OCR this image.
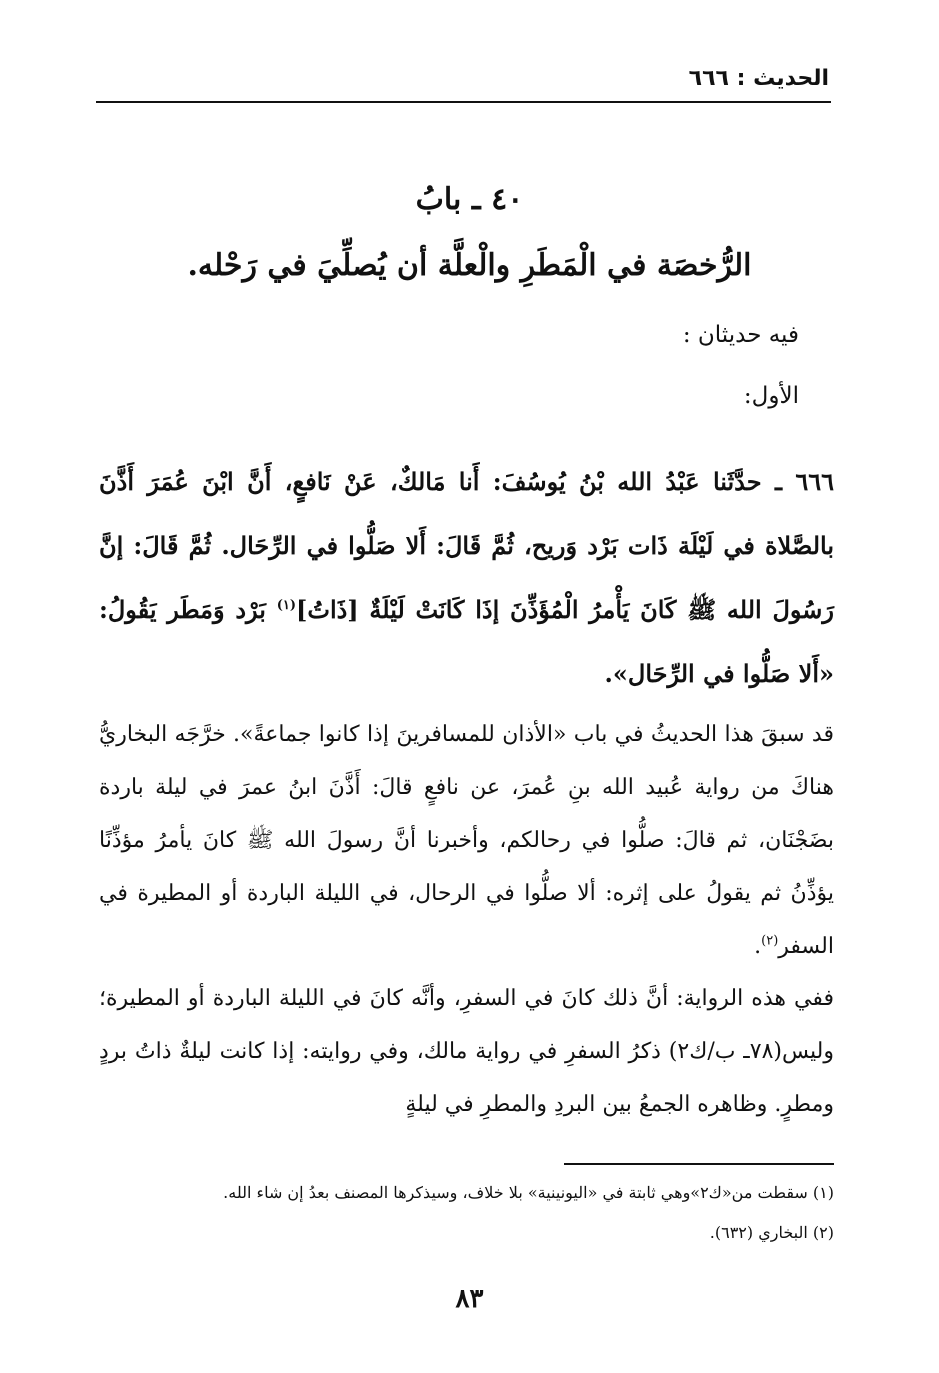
الحديث : ٦٦٦
٤٠ ـ بابُ
الرُّخصَة في الْمَطَرِ والْعلَّة أن يُصلِّيَ في رَحْله.
فيه حديثان :
الأول:
٦٦٦ ـ حدَّثَنا عَبْدُ الله بْنُ يُوسُفَ: أَنا مَالكٌ، عَنْ نَافعٍ، أَنَّ ابْنَ عُمَرَ أَذَّنَ بالصَّلاة في لَيْلَة ذَات بَرْد وَريح، ثُمَّ قَالَ: أَلا صَلُّوا في الرِّحَال. ثُمَّ قَالَ: إنَّ رَسُولَ الله ﷺ كَانَ يَأْمرُ الْمُؤَذِّنَ إذَا كَانَتْ لَيْلَةٌ [ذَاتُ]$^{(١)}$ بَرْد وَمَطَر يَقُولُ: «أَلا صَلُّوا في الرِّحَال».

قد سبقَ هذا الحديثُ في باب «الأذان للمسافرينَ إذا كانوا جماعةً». خرَّجَه البخاريُّ هناكَ من رواية عُبيد الله بنِ عُمرَ، عن نافعٍ قالَ: أَذَّنَ ابنُ عمرَ في ليلة باردة بضَجْنَان، ثم قالَ: صلُّوا في رحالكم، وأخبرنا أنَّ رسولَ الله ﷺ كانَ يأمرُ مؤذِّنًا يؤذِّنُ ثم يقولُ على إثره: ألا صلُّوا في الرحال، في الليلة الباردة أو المطيرة في السفر$^{(٢)}$.

ففي هذه الرواية: أنَّ ذلك كانَ في السفرِ، وأنَّه كانَ في الليلة الباردة أو المطيرة؛ وليس(٧٨ـ ب/ك٢) ذكرُ السفرِ في رواية مالك، وفي روايته: إذا كانت ليلةٌ ذاتُ بردٍ ومطرٍ. وظاهره الجمعُ بين البردِ والمطرِ في ليلةٍ

(١) سقطت من«ك٢»وهي ثابتة في «اليونينية» بلا خلاف، وسيذكرها المصنف بعدُ إن شاء الله.
(٢) البخاري (٦٣٢).
٨٣
